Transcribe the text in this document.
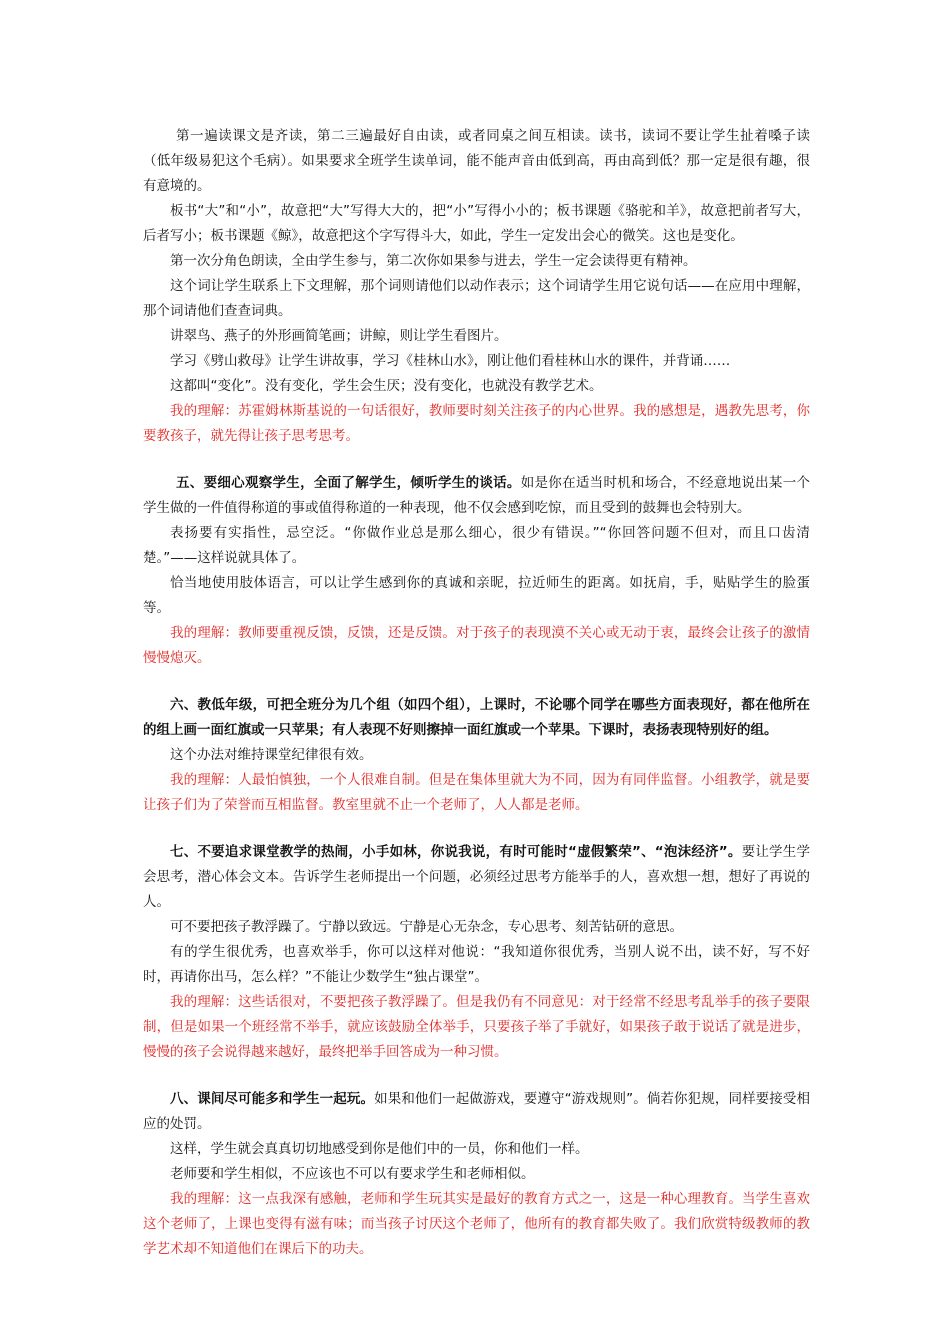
第一遍读课文是齐读，第二三遍最好自由读，或者同桌之间互相读。读书，读词不要让学生扯着嗓子读（低年级易犯这个毛病）。如果要求全班学生读单词，能不能声音由低到高，再由高到低？那一定是很有趣，很有意境的。

板书“大”和“小”，故意把“大”写得大大的，把“小”写得小小的；板书课题《骆驼和羊》，故意把前者写大，后者写小；板书课题《鲸》，故意把这个字写得斗大，如此，学生一定发出会心的微笑。这也是变化。

第一次分角色朗读，全由学生参与，第二次你如果参与进去，学生一定会读得更有精神。

这个词让学生联系上下文理解，那个词则请他们以动作表示；这个词请学生用它说句话——在应用中理解，那个词请他们查查词典。

讲翠鸟、燕子的外形画简笔画；讲鲸，则让学生看图片。

学习《劈山救母》让学生讲故事，学习《桂林山水》，刚让他们看桂林山水的课件，并背诵……

这都叫“变化”。没有变化，学生会生厌；没有变化，也就没有教学艺术。

我的理解：苏霍姆林斯基说的一句话很好，教师要时刻关注孩子的内心世界。我的感想是，遇教先思考，你要教孩子，就先得让孩子思考思考。

五、要细心观察学生，全面了解学生，倾听学生的谈话。如是你在适当时机和场合，不经意地说出某一个学生做的一件值得称道的事或值得称道的一种表现，他不仅会感到吃惊，而且受到的鼓舞也会特别大。

表扬要有实指性，忌空泛。“你做作业总是那么细心，很少有错误。”“你回答问题不但对，而且口齿清楚。”——这样说就具体了。

恰当地使用肢体语言，可以让学生感到你的真诚和亲昵，拉近师生的距离。如抚肩，手，贴贴学生的脸蛋等。

我的理解：教师要重视反馈，反馈，还是反馈。对于孩子的表现漠不关心或无动于衷，最终会让孩子的激情慢慢熄灭。

六、教低年级，可把全班分为几个组（如四个组），上课时，不论哪个同学在哪些方面表现好，都在他所在的组上画一面红旗或一只苹果；有人表现不好则擦掉一面红旗或一个苹果。下课时，表扬表现特别好的组。

这个办法对维持课堂纪律很有效。

我的理解：人最怕慎独，一个人很难自制。但是在集体里就大为不同，因为有同伴监督。小组教学，就是要让孩子们为了荣誉而互相监督。教室里就不止一个老师了，人人都是老师。

七、不要追求课堂教学的热闹，小手如林，你说我说，有时可能时“虚假繁荣”、“泡沫经济”。要让学生学会思考，潜心体会文本。告诉学生老师提出一个问题，必须经过思考方能举手的人，喜欢想一想，想好了再说的人。

可不要把孩子教浮躁了。宁静以致远。宁静是心无杂念，专心思考、刻苦钻研的意思。

有的学生很优秀，也喜欢举手，你可以这样对他说：“我知道你很优秀，当别人说不出，读不好，写不好时，再请你出马，怎么样？”不能让少数学生“独占课堂”。

我的理解：这些话很对，不要把孩子教浮躁了。但是我仍有不同意见：对于经常不经思考乱举手的孩子要限制，但是如果一个班经常不举手，就应该鼓励全体举手，只要孩子举了手就好，如果孩子敢于说话了就是进步，慢慢的孩子会说得越来越好，最终把举手回答成为一种习惯。

八、课间尽可能多和学生一起玩。如果和他们一起做游戏，要遵守“游戏规则”。倘若你犯规，同样要接受相应的处罚。

这样，学生就会真真切切地感受到你是他们中的一员，你和他们一样。

老师要和学生相似，不应该也不可以有要求学生和老师相似。

我的理解：这一点我深有感触，老师和学生玩其实是最好的教育方式之一，这是一种心理教育。当学生喜欢这个老师了，上课也变得有滋有味；而当孩子讨厌这个老师了，他所有的教育都失败了。我们欣赏特级教师的教学艺术却不知道他们在课后下的功夫。
